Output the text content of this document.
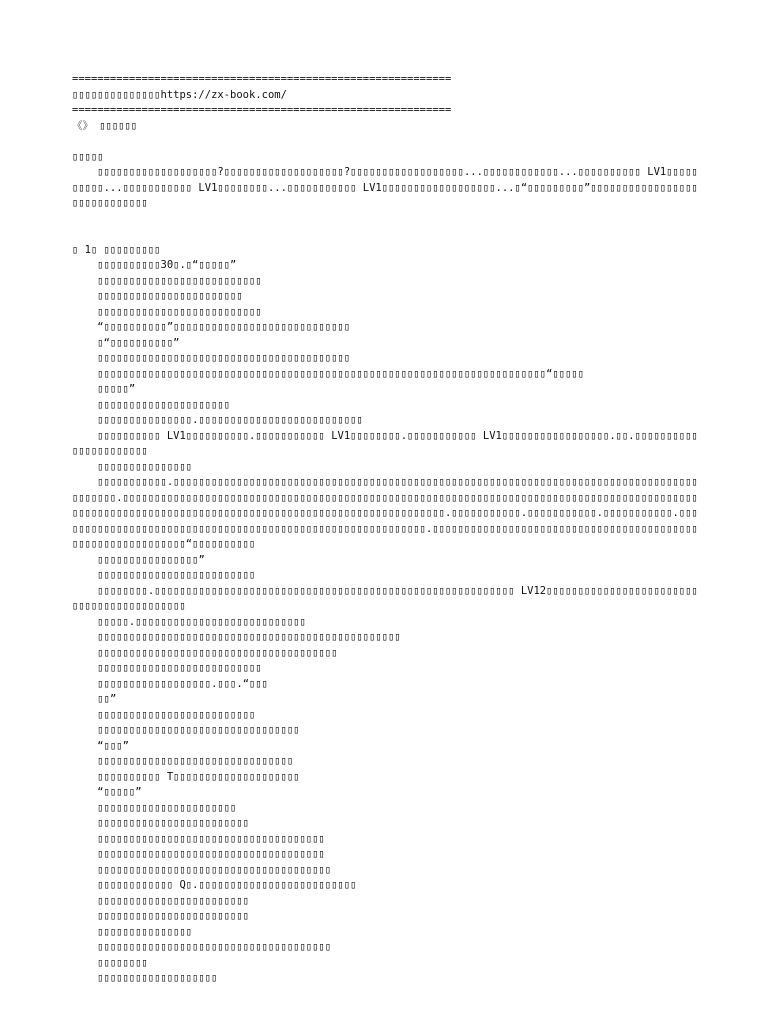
============================================================
▯▯▯▯▯▯▯▯▯▯▯▯▯▯https://zx-book.com/
============================================================
《》 ▯▯▯▯▯▯
▯▯▯▯▯
▯▯▯▯▯▯▯▯▯▯▯▯▯▯▯▯▯▯▯?▯▯▯▯▯▯▯▯▯▯▯▯▯▯▯▯▯▯▯?▯▯▯▯▯▯▯▯▯▯▯▯▯▯▯▯▯▯...▯▯▯▯▯▯▯▯▯▯▯▯...▯▯▯▯▯▯▯▯▯▯ LV1▯▯▯▯▯▯▯▯▯▯...▯▯▯▯▯▯▯▯▯▯▯ LV1▯▯▯▯▯▯▯▯...▯▯▯▯▯▯▯▯▯▯▯ LV1▯▯▯▯▯▯▯▯▯▯▯▯▯▯▯▯▯▯...▯“▯▯▯▯▯▯▯▯▯”▯▯▯▯▯▯▯▯▯▯▯▯▯▯▯▯▯▯▯▯▯▯▯▯▯▯▯▯▯
▯ 1▯ ▯▯▯▯▯▯▯▯▯
▯▯▯▯▯▯▯▯▯▯30▯.▯“▯▯▯▯▯”
▯▯▯▯▯▯▯▯▯▯▯▯▯▯▯▯▯▯▯▯▯▯▯▯▯▯
▯▯▯▯▯▯▯▯▯▯▯▯▯▯▯▯▯▯▯▯▯▯▯
▯▯▯▯▯▯▯▯▯▯▯▯▯▯▯▯▯▯▯▯▯▯▯▯▯▯
“▯▯▯▯▯▯▯▯▯▯”▯▯▯▯▯▯▯▯▯▯▯▯▯▯▯▯▯▯▯▯▯▯▯▯▯▯▯▯
▯“▯▯▯▯▯▯▯▯▯▯”
▯▯▯▯▯▯▯▯▯▯▯▯▯▯▯▯▯▯▯▯▯▯▯▯▯▯▯▯▯▯▯▯▯▯▯▯▯▯▯▯
▯▯▯▯▯▯▯▯▯▯▯▯▯▯▯▯▯▯▯▯▯▯▯▯▯▯▯▯▯▯▯▯▯▯▯▯▯▯▯▯▯▯▯▯▯▯▯▯▯▯▯▯▯▯▯▯▯▯▯▯▯▯▯▯▯▯▯▯▯▯▯“▯▯▯▯▯
▯▯▯▯▯”
▯▯▯▯▯▯▯▯▯▯▯▯▯▯▯▯▯▯▯▯▯
▯▯▯▯▯▯▯▯▯▯▯▯▯▯▯.▯▯▯▯▯▯▯▯▯▯▯▯▯▯▯▯▯▯▯▯▯▯▯▯▯▯
▯▯▯▯▯▯▯▯▯▯ LV1▯▯▯▯▯▯▯▯▯▯.▯▯▯▯▯▯▯▯▯▯▯ LV1▯▯▯▯▯▯▯▯.▯▯▯▯▯▯▯▯▯▯▯ LV1▯▯▯▯▯▯▯▯▯▯▯▯▯▯▯▯▯.▯▯.▯▯▯▯▯▯▯▯▯▯▯▯▯▯▯▯▯▯▯▯▯▯
▯▯▯▯▯▯▯▯▯▯▯▯▯▯▯
▯▯▯▯▯▯▯▯▯▯▯.▯▯▯▯▯▯▯▯▯▯▯▯▯▯▯▯▯▯▯▯▯▯▯▯▯▯▯▯▯▯▯▯▯▯▯▯▯▯▯▯▯▯▯▯▯▯▯▯▯▯▯▯▯▯▯▯▯▯▯▯▯▯▯▯▯▯▯▯▯▯▯▯▯▯▯▯▯▯▯▯▯▯▯▯▯▯▯▯▯▯.▯▯▯▯▯▯▯▯▯▯▯▯▯▯▯▯▯▯▯▯▯▯▯▯▯▯▯▯▯▯▯▯▯▯▯▯▯▯▯▯▯▯▯▯▯▯▯▯▯▯▯▯▯▯▯▯▯▯▯▯▯▯▯▯▯▯▯▯▯▯▯▯▯▯▯▯▯▯▯▯▯▯▯▯▯▯▯▯▯▯▯▯▯▯▯▯▯▯▯▯▯▯▯▯▯▯▯▯▯▯▯▯▯▯▯▯▯▯▯▯▯▯▯▯▯▯▯▯▯▯▯▯▯▯▯▯▯▯▯▯▯▯▯▯▯▯▯▯▯▯.▯▯▯▯▯▯▯▯▯▯▯.▯▯▯▯▯▯▯▯▯▯▯.▯▯▯▯▯▯▯▯▯▯▯.▯▯▯▯▯▯▯▯▯▯▯▯▯▯▯▯▯▯▯▯▯▯▯▯▯▯▯▯▯▯▯▯▯▯▯▯▯▯▯▯▯▯▯▯▯▯▯▯▯▯▯▯▯▯▯▯▯▯▯.▯▯▯▯▯▯▯▯▯▯▯▯▯▯▯▯▯▯▯▯▯▯▯▯▯▯▯▯▯▯▯▯▯▯▯▯▯▯▯▯▯▯▯▯▯▯▯▯▯▯▯▯▯▯▯▯▯▯▯▯“▯▯▯▯▯▯▯▯▯▯
▯▯▯▯▯▯▯▯▯▯▯▯▯▯▯▯”
▯▯▯▯▯▯▯▯▯▯▯▯▯▯▯▯▯▯▯▯▯▯▯▯▯
▯▯▯▯▯▯▯▯.▯▯▯▯▯▯▯▯▯▯▯▯▯▯▯▯▯▯▯▯▯▯▯▯▯▯▯▯▯▯▯▯▯▯▯▯▯▯▯▯▯▯▯▯▯▯▯▯▯▯▯▯▯▯▯▯▯ LV12▯▯▯▯▯▯▯▯▯▯▯▯▯▯▯▯▯▯▯▯▯▯▯▯▯▯▯▯▯▯▯▯▯▯▯▯▯▯▯▯▯▯
▯▯▯▯▯.▯▯▯▯▯▯▯▯▯▯▯▯▯▯▯▯▯▯▯▯▯▯▯▯▯▯▯
▯▯▯▯▯▯▯▯▯▯▯▯▯▯▯▯▯▯▯▯▯▯▯▯▯▯▯▯▯▯▯▯▯▯▯▯▯▯▯▯▯▯▯▯▯▯▯▯
▯▯▯▯▯▯▯▯▯▯▯▯▯▯▯▯▯▯▯▯▯▯▯▯▯▯▯▯▯▯▯▯▯▯▯▯▯▯
▯▯▯▯▯▯▯▯▯▯▯▯▯▯▯▯▯▯▯▯▯▯▯▯▯▯
▯▯▯▯▯▯▯▯▯▯▯▯▯▯▯▯▯▯.▯▯▯.“▯▯▯
▯▯”
▯▯▯▯▯▯▯▯▯▯▯▯▯▯▯▯▯▯▯▯▯▯▯▯▯
▯▯▯▯▯▯▯▯▯▯▯▯▯▯▯▯▯▯▯▯▯▯▯▯▯▯▯▯▯▯▯▯
“▯▯▯”
▯▯▯▯▯▯▯▯▯▯▯▯▯▯▯▯▯▯▯▯▯▯▯▯▯▯▯▯▯▯▯
▯▯▯▯▯▯▯▯▯▯ T▯▯▯▯▯▯▯▯▯▯▯▯▯▯▯▯▯▯▯▯
“▯▯▯▯▯”
▯▯▯▯▯▯▯▯▯▯▯▯▯▯▯▯▯▯▯▯▯▯
▯▯▯▯▯▯▯▯▯▯▯▯▯▯▯▯▯▯▯▯▯▯▯▯
▯▯▯▯▯▯▯▯▯▯▯▯▯▯▯▯▯▯▯▯▯▯▯▯▯▯▯▯▯▯▯▯▯▯▯▯
▯▯▯▯▯▯▯▯▯▯▯▯▯▯▯▯▯▯▯▯▯▯▯▯▯▯▯▯▯▯▯▯▯▯▯▯
▯▯▯▯▯▯▯▯▯▯▯▯▯▯▯▯▯▯▯▯▯▯▯▯▯▯▯▯▯▯▯▯▯▯▯▯▯
▯▯▯▯▯▯▯▯▯▯▯▯ Q▯.▯▯▯▯▯▯▯▯▯▯▯▯▯▯▯▯▯▯▯▯▯▯▯▯▯
▯▯▯▯▯▯▯▯▯▯▯▯▯▯▯▯▯▯▯▯▯▯▯▯
▯▯▯▯▯▯▯▯▯▯▯▯▯▯▯▯▯▯▯▯▯▯▯▯
▯▯▯▯▯▯▯▯▯▯▯▯▯▯▯
▯▯▯▯▯▯▯▯▯▯▯▯▯▯▯▯▯▯▯▯▯▯▯▯▯▯▯▯▯▯▯▯▯▯▯▯▯
▯▯▯▯▯▯▯▯
▯▯▯▯▯▯▯▯▯▯▯▯▯▯▯▯▯▯▯
